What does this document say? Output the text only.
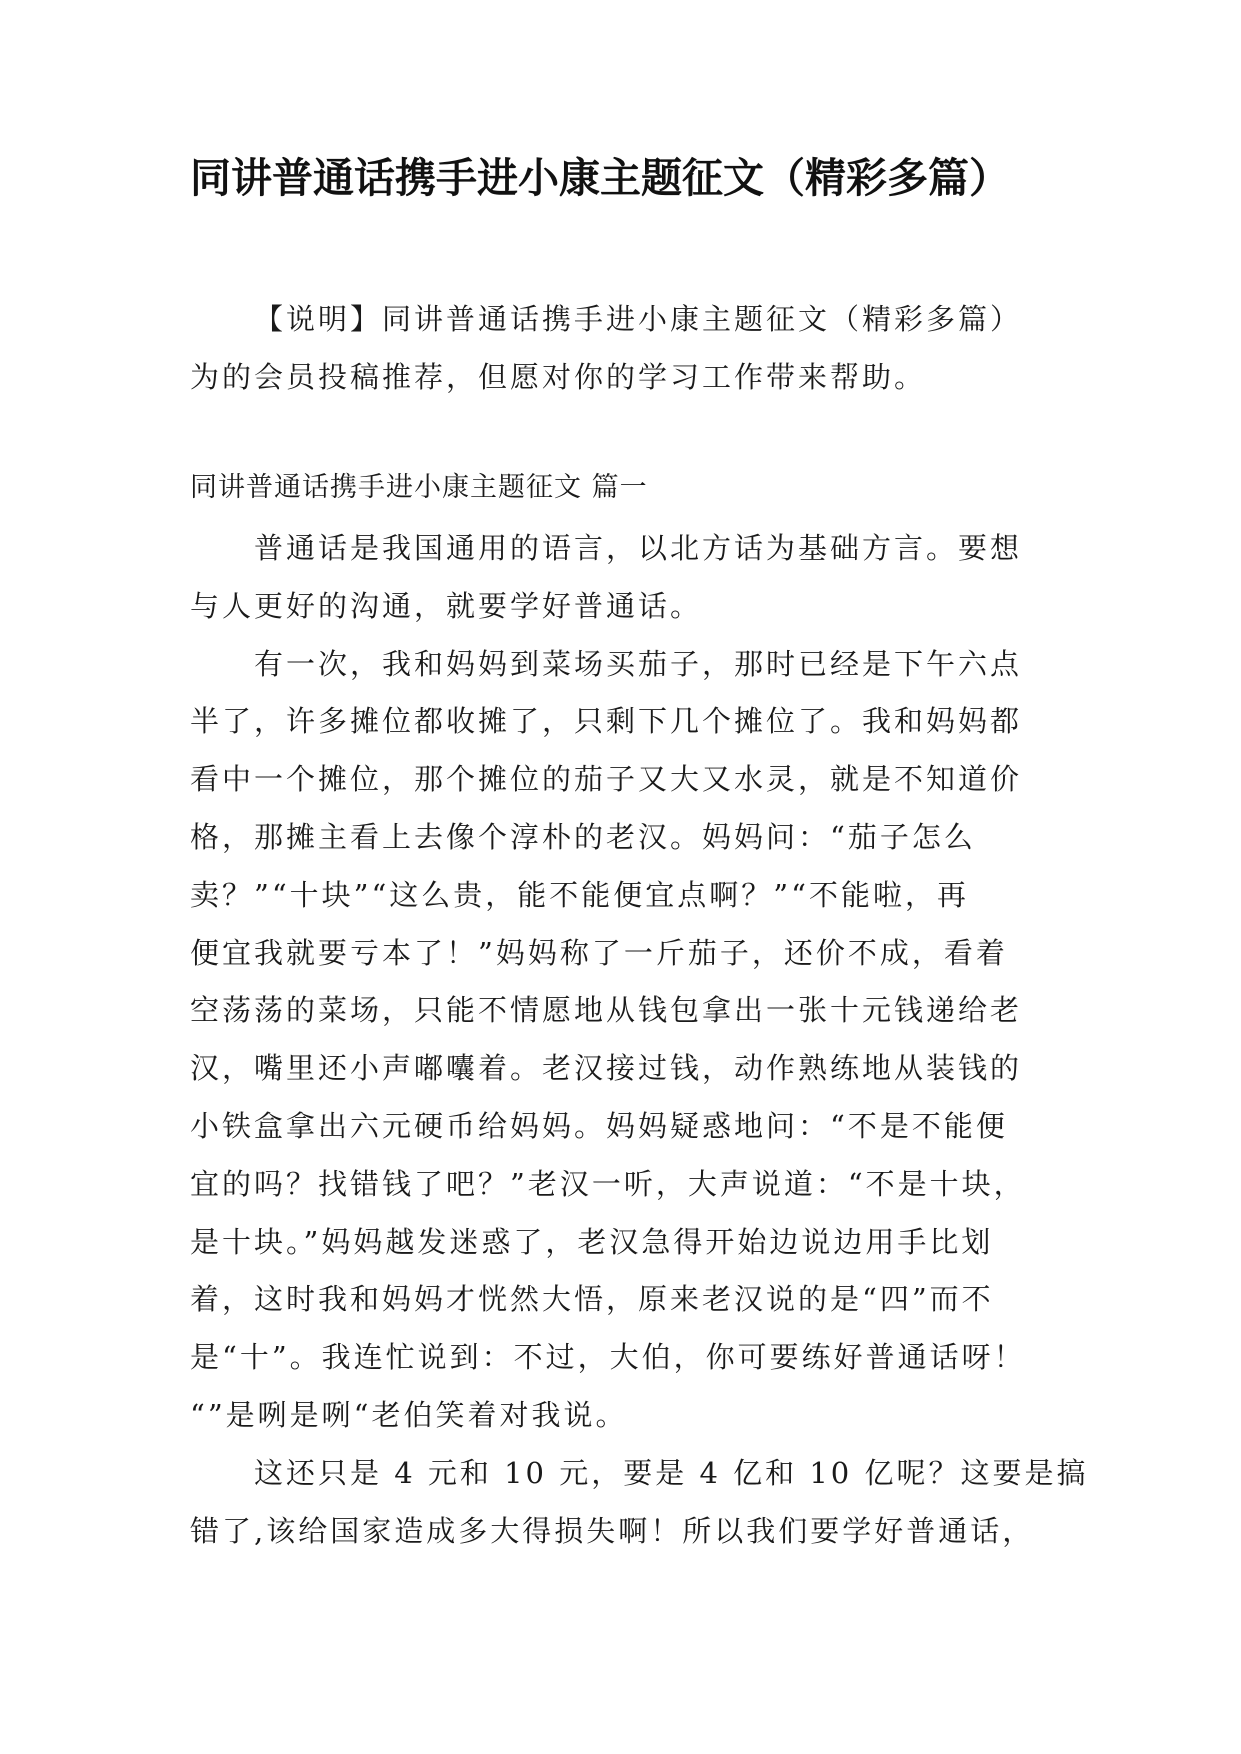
同讲普通话携手进小康主题征文（精彩多篇）
【说明】同讲普通话携手进小康主题征文（精彩多篇）
为的会员投稿推荐，但愿对你的学习工作带来帮助。
同讲普通话携手进小康主题征文 篇一

普通话是我国通用的语言，以北方话为基础方言。要想
与人更好的沟通，就要学好普通话。

有一次，我和妈妈到菜场买茄子，那时已经是下午六点
半了，许多摊位都收摊了，只剩下几个摊位了。我和妈妈都
看中一个摊位，那个摊位的茄子又大又水灵，就是不知道价
格，那摊主看上去像个淳朴的老汉。妈妈问：“茄子怎么
卖？”“十块”“这么贵，能不能便宜点啊？”“不能啦，再
便宜我就要亏本了！”妈妈称了一斤茄子，还价不成，看着
空荡荡的菜场，只能不情愿地从钱包拿出一张十元钱递给老
汉，嘴里还小声嘟囔着。老汉接过钱，动作熟练地从装钱的
小铁盒拿出六元硬币给妈妈。妈妈疑惑地问：“不是不能便
宜的吗？找错钱了吧？”老汉一听，大声说道：“不是十块，
是十块。”妈妈越发迷惑了，老汉急得开始边说边用手比划
着，这时我和妈妈才恍然大悟，原来老汉说的是“四”而不
是“十”。我连忙说到：不过，大伯，你可要练好普通话呀！
“”是咧是咧“老伯笑着对我说。

这还只是 4 元和 10 元，要是 4 亿和 10 亿呢？这要是搞
错了,该给国家造成多大得损失啊！所以我们要学好普通话，
